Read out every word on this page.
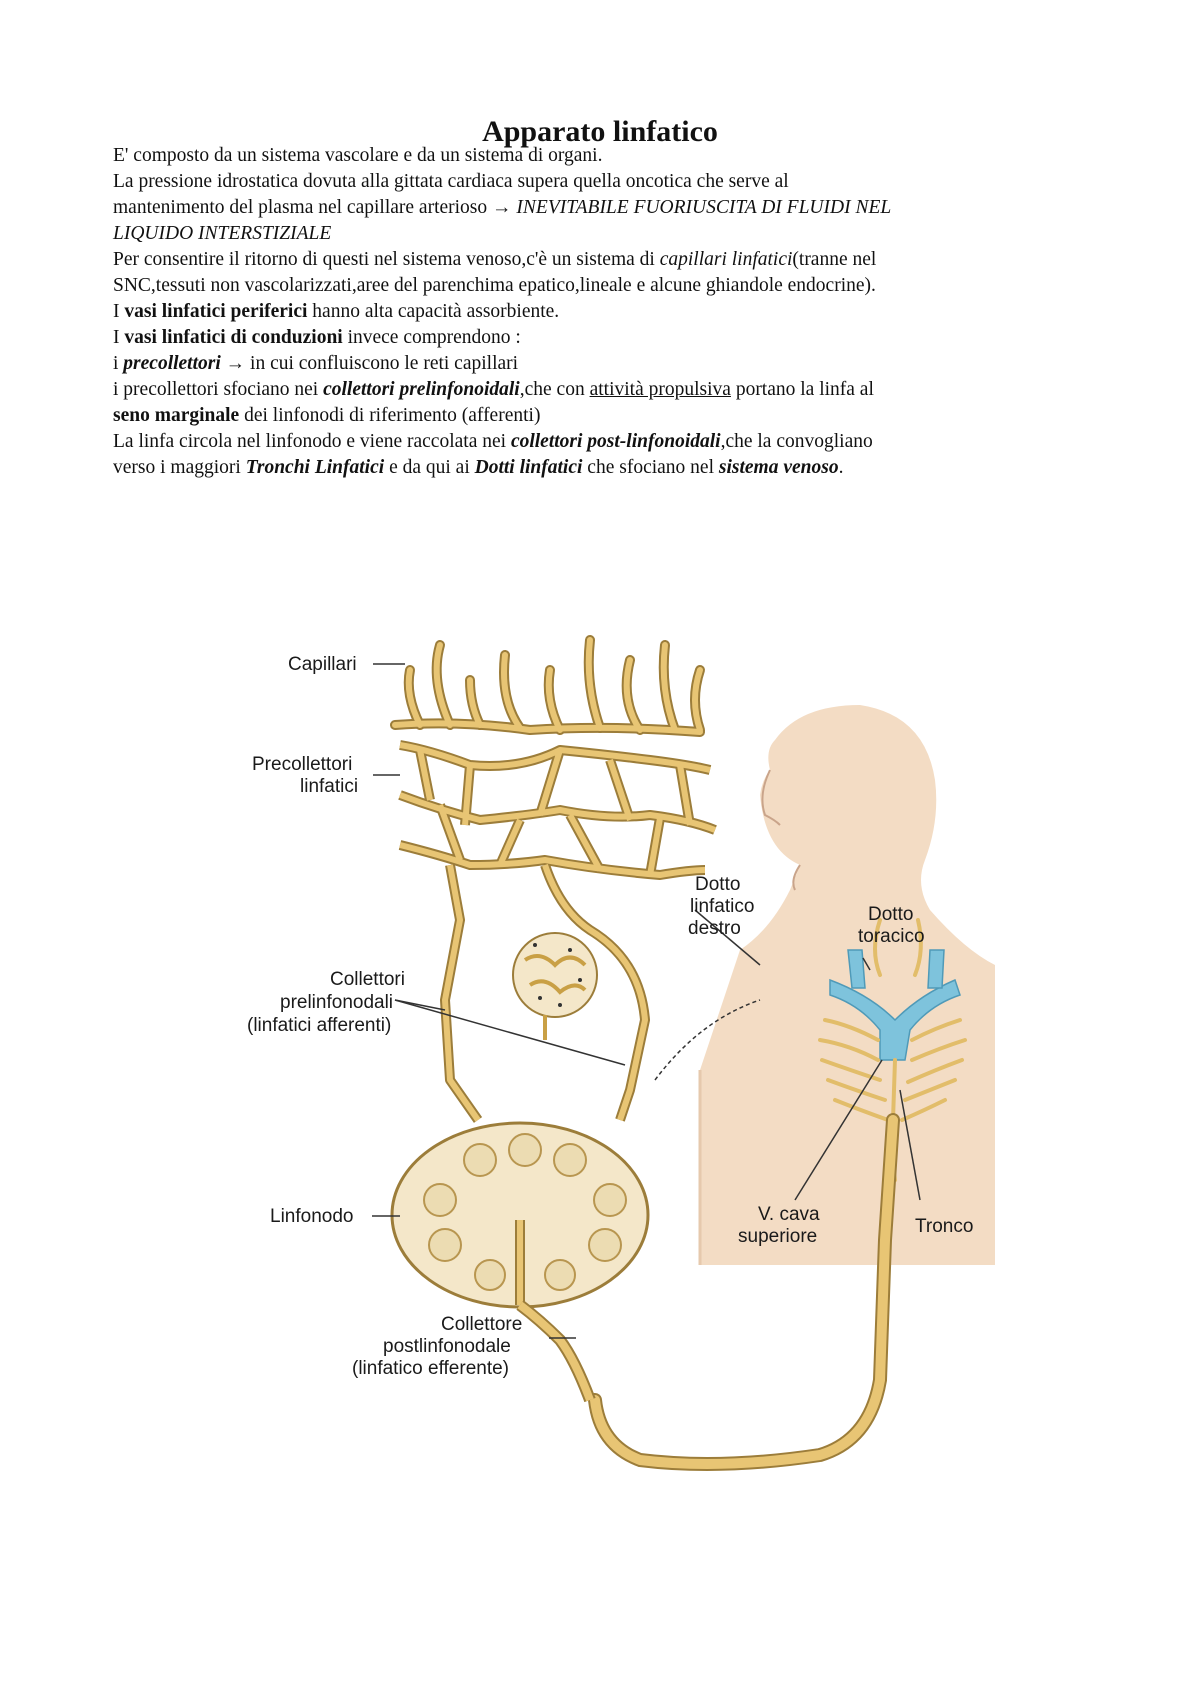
Apparato linfatico
E' composto da un sistema vascolare e da un sistema di organi.
La pressione idrostatica dovuta alla gittata cardiaca supera quella oncotica che serve al
mantenimento del plasma nel capillare arterioso → INEVITABILE FUORIUSCITA DI FLUIDI NEL
LIQUIDO INTERSTIZIALE
Per consentire il ritorno di questi nel sistema venoso,c'è un sistema di capillari linfatici(tranne nel
SNC,tessuti non vascolarizzati,aree del parenchima epatico,lineale e alcune ghiandole endocrine).
I vasi linfatici periferici hanno alta capacità assorbiente.
I vasi linfatici di conduzioni invece comprendono :
i precollettori → in cui confluiscono le reti capillari
i precollettori sfociano nei collettori prelinfonoidali,che con attività propulsiva portano la linfa al
seno marginale dei linfonodi di riferimento (afferenti)
La linfa circola nel linfonodo e viene raccolata nei collettori post-linfonoidali,che la convogliano
verso i maggiori Tronchi Linfatici e da qui ai Dotti linfatici che sfociano nel sistema venoso.
Capillari
Precollettori
linfatici
Collettori
prelinfonodali
(linfatici afferenti)
Linfonodo
Collettore
postlinfonodale
(linfatico efferente)
Dotto
linfatico
destro
Dotto
toracico
V. cava
superiore	Tronco
